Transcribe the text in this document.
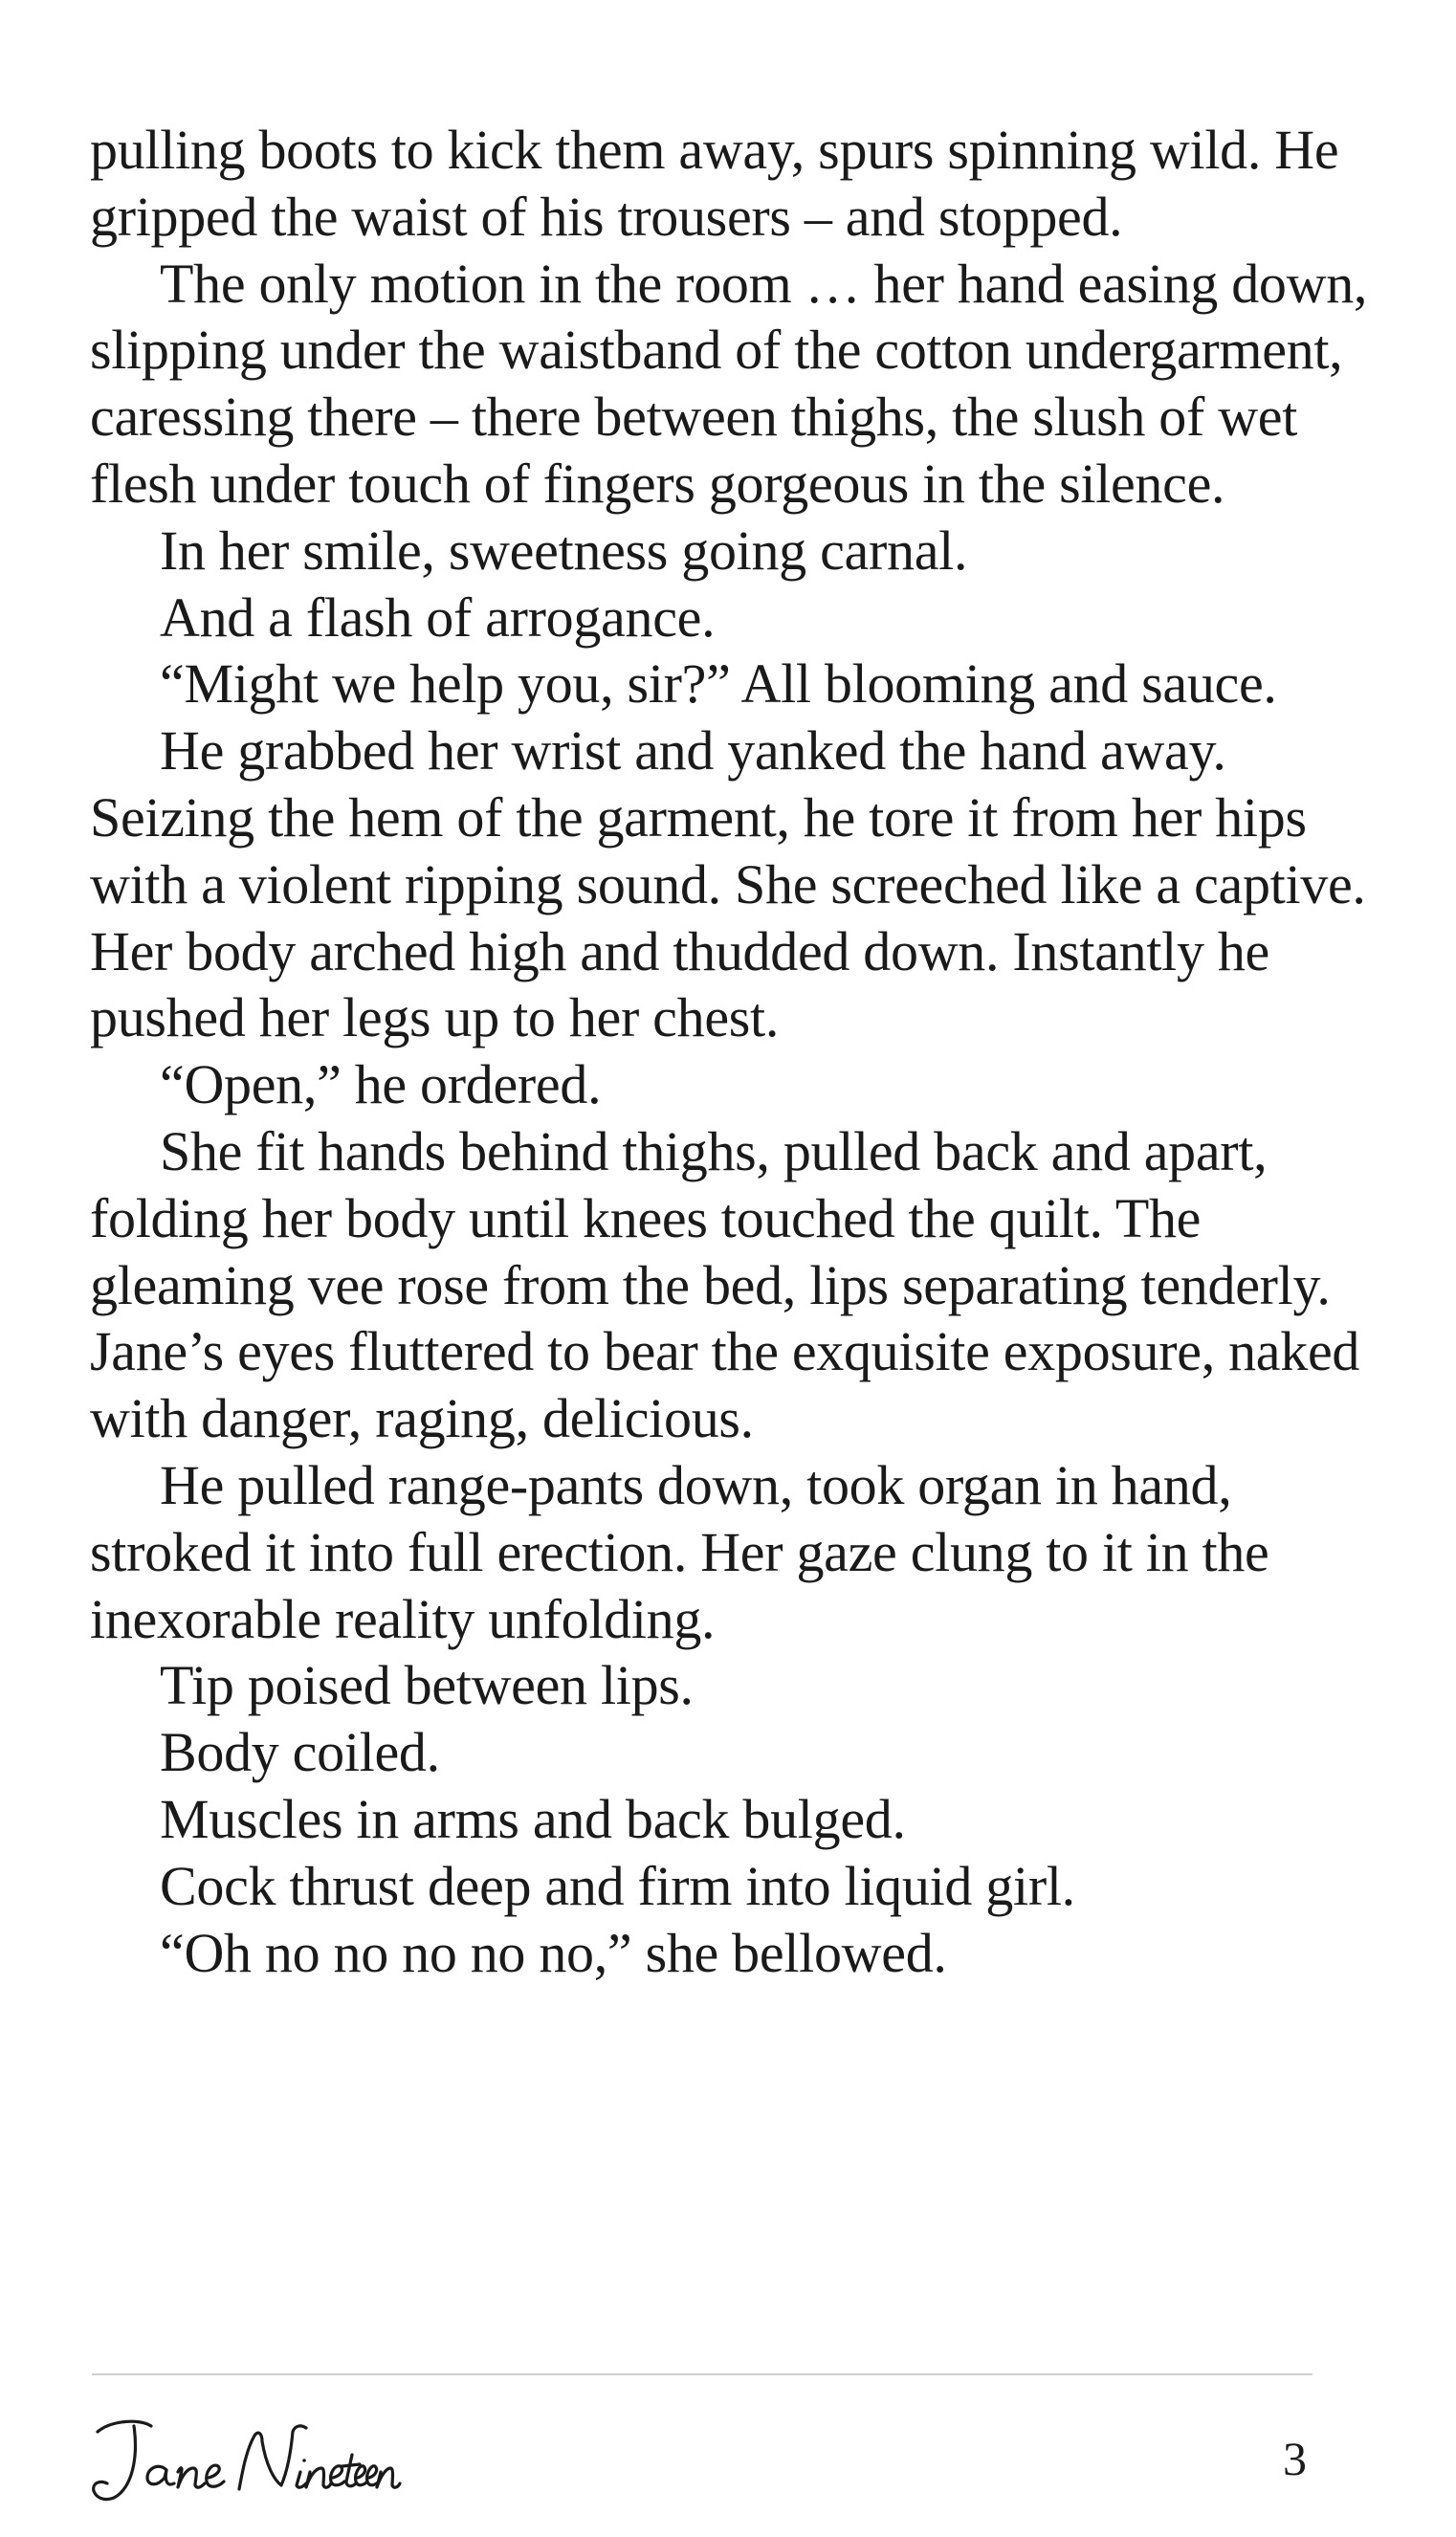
pulling boots to kick them away, spurs spinning wild. He gripped the waist of his trousers – and stopped.

The only motion in the room … her hand easing down, slipping under the waistband of the cotton undergarment, caressing there – there between thighs, the slush of wet flesh under touch of fingers gorgeous in the silence.

In her smile, sweetness going carnal.

And a flash of arrogance.

“Might we help you, sir?” All blooming and sauce.

He grabbed her wrist and yanked the hand away. Seizing the hem of the garment, he tore it from her hips with a violent ripping sound. She screeched like a captive. Her body arched high and thudded down. Instantly he pushed her legs up to her chest.

“Open,” he ordered.

She fit hands behind thighs, pulled back and apart, folding her body until knees touched the quilt. The gleaming vee rose from the bed, lips separating tenderly. Jane’s eyes fluttered to bear the exquisite exposure, naked with danger, raging, delicious.

He pulled range-pants down, took organ in hand, stroked it into full erection. Her gaze clung to it in the inexorable reality unfolding.

Tip poised between lips.

Body coiled.

Muscles in arms and back bulged.

Cock thrust deep and firm into liquid girl.

“Oh no no no no no,” she bellowed.

3
